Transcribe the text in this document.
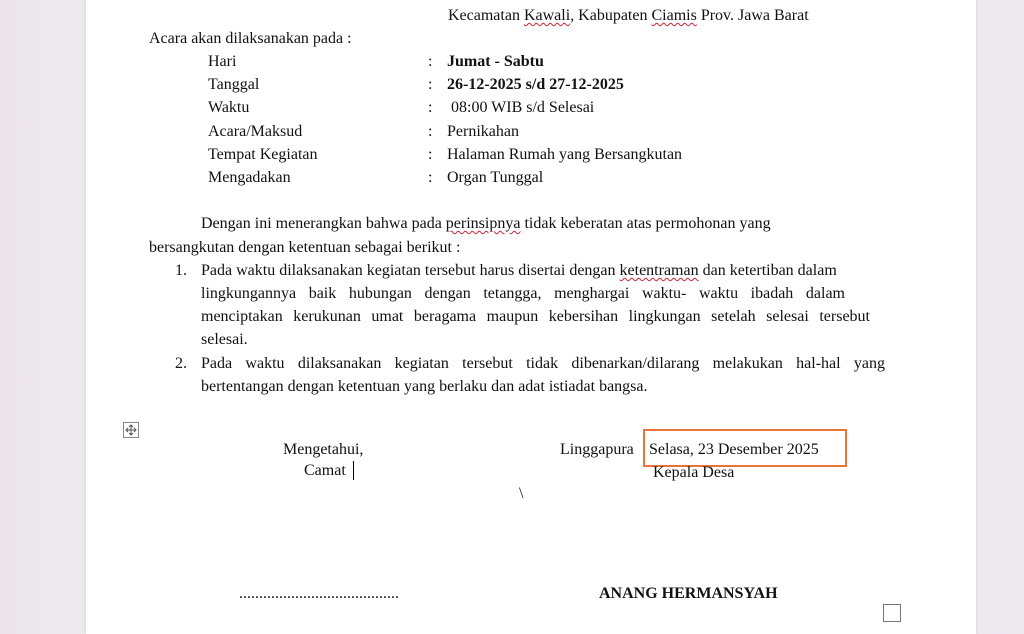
Kecamatan Kawali, Kabupaten Ciamis Prov. Jawa Barat
Acara akan dilaksanakan pada :
Hari	: Jumat - Sabtu
Tanggal	: 26-12-2025 s/d 27-12-2025
Waktu	: 08:00 WIB s/d Selesai
Acara/Maksud	: Pernikahan
Tempat Kegiatan	: Halaman Rumah yang Bersangkutan
Mengadakan	: Organ Tunggal
Dengan ini menerangkan bahwa pada perinsipnya tidak keberatan atas permohonan yang
bersangkutan dengan ketentuan sebagai berikut :
1. Pada waktu dilaksanakan kegiatan tersebut harus disertai dengan ketentraman dan ketertiban dalam
lingkungannya baik hubungan dengan tetangga, menghargai waktu- waktu ibadah dalam
menciptakan kerukunan umat beragama maupun kebersihan lingkungan setelah selesai tersebut
selesai.
2. Pada waktu dilaksanakan kegiatan tersebut tidak dibenarkan/dilarang melakukan hal-hal yang
bertentangan dengan ketentuan yang berlaku dan adat istiadat bangsa.
Mengetahui,
Camat
Linggapura Selasa, 23 Desember 2025
Kepala Desa
\
........................................	ANANG HERMANSYAH
